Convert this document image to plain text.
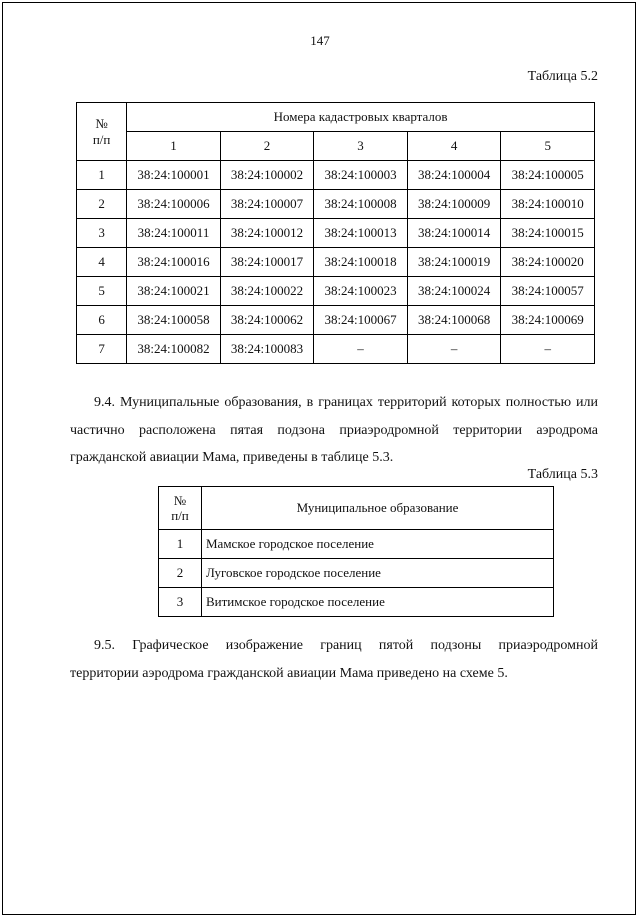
147
Таблица 5.2
№
п/п	Номера кадастровых кварталов				
	1	2	3	4	5
1	38:24:100001	38:24:100002	38:24:100003	38:24:100004	38:24:100005
2	38:24:100006	38:24:100007	38:24:100008	38:24:100009	38:24:100010
3	38:24:100011	38:24:100012	38:24:100013	38:24:100014	38:24:100015
4	38:24:100016	38:24:100017	38:24:100018	38:24:100019	38:24:100020
5	38:24:100021	38:24:100022	38:24:100023	38:24:100024	38:24:100057
6	38:24:100058	38:24:100062	38:24:100067	38:24:100068	38:24:100069
7	38:24:100082	38:24:100083	–	–	–

9.4. Муниципальные образования, в границах территорий которых полностью или
частично расположена пятая подзона приаэродромной территории аэродрома
гражданской авиации Мама, приведены в таблице 5.3.

Таблица 5.3
№
п/п	Муниципальное образование
1	Мамское городское поселение
2	Луговское городское поселение
3	Витимское городское поселение

9.5. Графическое изображение границ пятой подзоны приаэродромной
территории аэродрома гражданской авиации Мама приведено на схеме 5.
